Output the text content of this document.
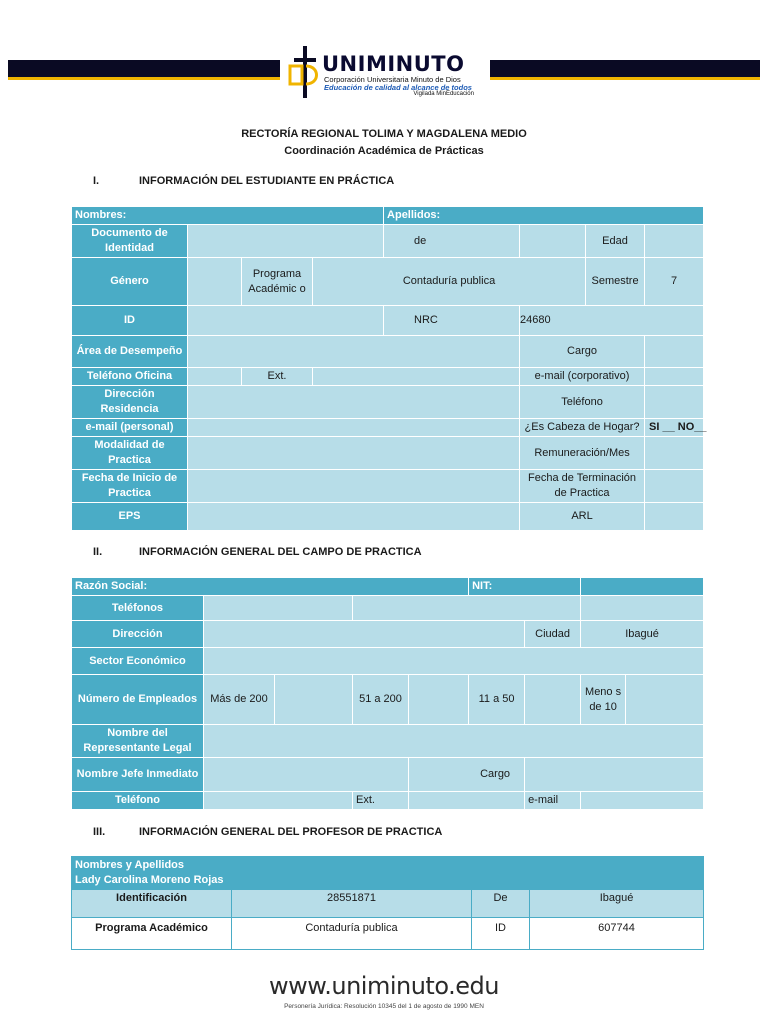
UNIMINUTO
Corporación Universitaria Minuto de Dios
Educación de calidad al alcance de todos
Vigilada MinEducación
RECTORÍA REGIONAL TOLIMA Y MAGDALENA MEDIO
Coordinación Académica de Prácticas
I.	INFORMACIÓN DEL ESTUDIANTE EN PRÁCTICA
Nombres:				Apellidos:			
Documento de Identidad				de		Edad	
Género		Programa Académic o	Contaduría publica			Semestre	7
ID				NRC	24680		
Área de Desempeño					Cargo		
Teléfono Oficina		Ext.			e-mail (corporativo)		
Dirección Residencia					Teléfono		
e-mail (personal)					¿Es Cabeza de Hogar?		SI __ NO__
Modalidad de Practica					Remuneración/Mes		
Fecha de Inicio de Practica					Fecha de Terminación de Practica		
EPS					ARL		
II.	INFORMACIÓN GENERAL DEL CAMPO DE PRACTICA
Razón Social:					NIT:			
Teléfonos								
Dirección						Ciudad	Ibagué	
Sector Económico								
Número de Empleados	Más de 200		51 a 200		11 a 50		Meno s de 10	
Nombre del Representante Legal								
Nombre Jefe Inmediato				Cargo				
Teléfono			Ext.			e-mail		
III.	INFORMACIÓN GENERAL DEL PROFESOR DE PRACTICA
Nombres y Apellidos
Lady Carolina Moreno Rojas			

Identificación	28551871	De	Ibagué
Programa Académico	Contaduría publica	ID	607744
www.uniminuto.edu
Personería Jurídica: Resolución 10345 del 1 de agosto de 1990 MEN
